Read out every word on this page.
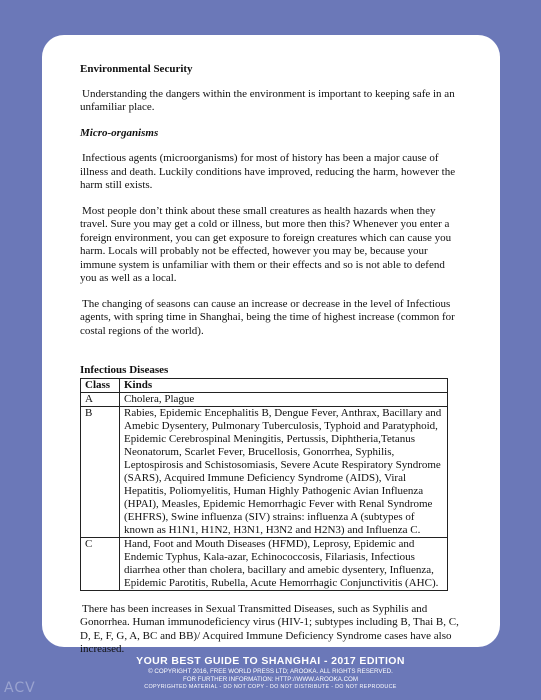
Environmental Security

Understanding the dangers within the environment is important to keeping safe in an unfamiliar place.

Micro-organisms

Infectious agents (microorganisms) for most of history has been a major cause of illness and death. Luckily conditions have improved, reducing the harm, however the harm still exists.

Most people don’t think about these small creatures as health hazards when they travel. Sure you may get a cold or illness, but more then this? Whenever you enter a foreign environment, you can get exposure to foreign creatures which can cause you harm. Locals will probably not be effected, however you may be, because your immune system is unfamiliar with them or their effects and so is not able to defend you as well as a local.

The changing of seasons can cause an increase or decrease in the level of Infectious agents, with spring time in Shanghai, being the time of highest increase (common for costal regions of the world).

Infectious Diseases

Class	Kinds
A	Cholera, Plague
B	Rabies, Epidemic Encephalitis B, Dengue Fever, Anthrax, Bacillary and Amebic Dysentery, Pulmonary Tuberculosis, Typhoid and Paratyphoid, Epidemic Cerebrospinal Meningitis, Pertussis, Diphtheria,Tetanus Neonatorum, Scarlet Fever, Brucellosis, Gonorrhea, Syphilis, Leptospirosis and Schistosomiasis, Severe Acute Respiratory Syndrome (SARS), Acquired Immune Deficiency Syndrome (AIDS), Viral Hepatitis, Poliomyelitis, Human Highly Pathogenic Avian Influenza (HPAI), Measles, Epidemic Hemorrhagic Fever with Renal Syndrome (EHFRS), Swine influenza (SIV) strains: influenza A (subtypes of known as H1N1, H1N2, H3N1, H3N2 and H2N3) and Influenza C.
C	Hand, Foot and Mouth Diseases (HFMD), Leprosy, Epidemic and Endemic Typhus, Kala-azar, Echinococcosis, Filariasis, Infectious diarrhea other than cholera, bacillary and amebic dysentery, Influenza, Epidemic Parotitis, Rubella, Acute Hemorrhagic Conjunctivitis (AHC).

There has been increases in Sexual Transmitted Diseases, such as Syphilis and Gonorrhea. Human immunodeficiency virus (HIV-1; subtypes including B, Thai B, C, D, E, F, G, A, BC and BB)/ Acquired Immune Deficiency Syndrome cases have also increased.

YOUR BEST GUIDE TO SHANGHAI - 2017 EDITION
© COPYRIGHT 2016, FREE WORLD PRESS LTD; AROOKA. ALL RIGHTS RESERVED.
FOR FURTHER INFORMATION: HTTP://WWW.AROOKA.COM
COPYRIGHTED MATERIAL - DO NOT COPY - DO NOT DISTRIBUTE - DO NOT REPRODUCE
ACV
